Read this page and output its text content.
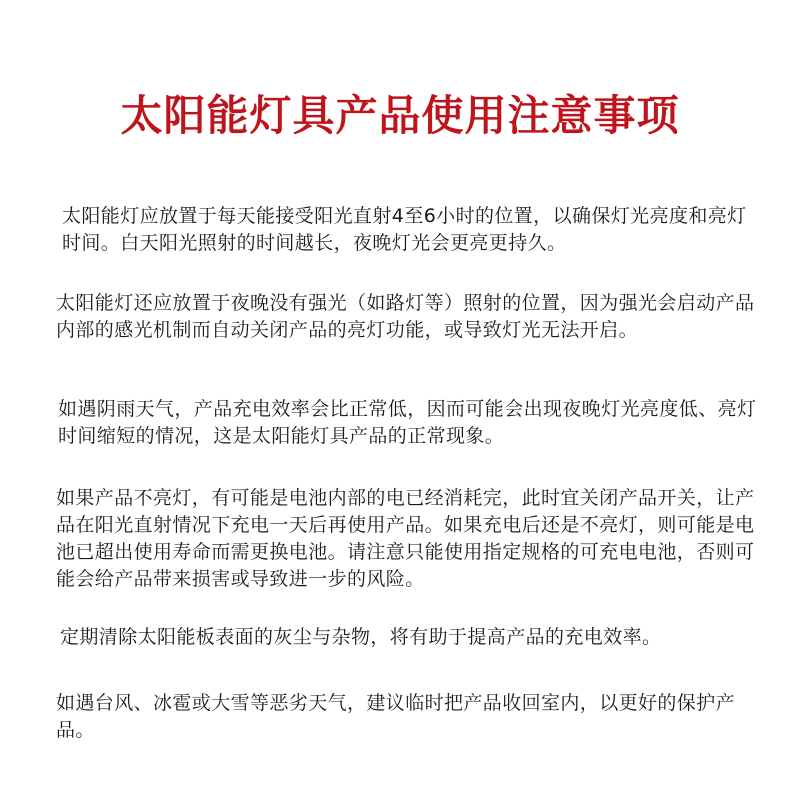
太阳能灯具产品使用注意事项

太阳能灯应放置于每天能接受阳光直射4至6小时的位置，以确保灯光亮度和亮灯时间。白天阳光照射的时间越长，夜晚灯光会更亮更持久。

太阳能灯还应放置于夜晚没有强光（如路灯等）照射的位置，因为强光会启动产品内部的感光机制而自动关闭产品的亮灯功能，或导致灯光无法开启。

如遇阴雨天气，产品充电效率会比正常低，因而可能会出现夜晚灯光亮度低、亮灯时间缩短的情况，这是太阳能灯具产品的正常现象。

如果产品不亮灯，有可能是电池内部的电已经消耗完，此时宜关闭产品开关，让产品在阳光直射情况下充电一天后再使用产品。如果充电后还是不亮灯，则可能是电池已超出使用寿命而需更换电池。请注意只能使用指定规格的可充电电池，否则可能会给产品带来损害或导致进一步的风险。

定期清除太阳能板表面的灰尘与杂物，将有助于提高产品的充电效率。

如遇台风、冰雹或大雪等恶劣天气，建议临时把产品收回室内，以更好的保护产品。
